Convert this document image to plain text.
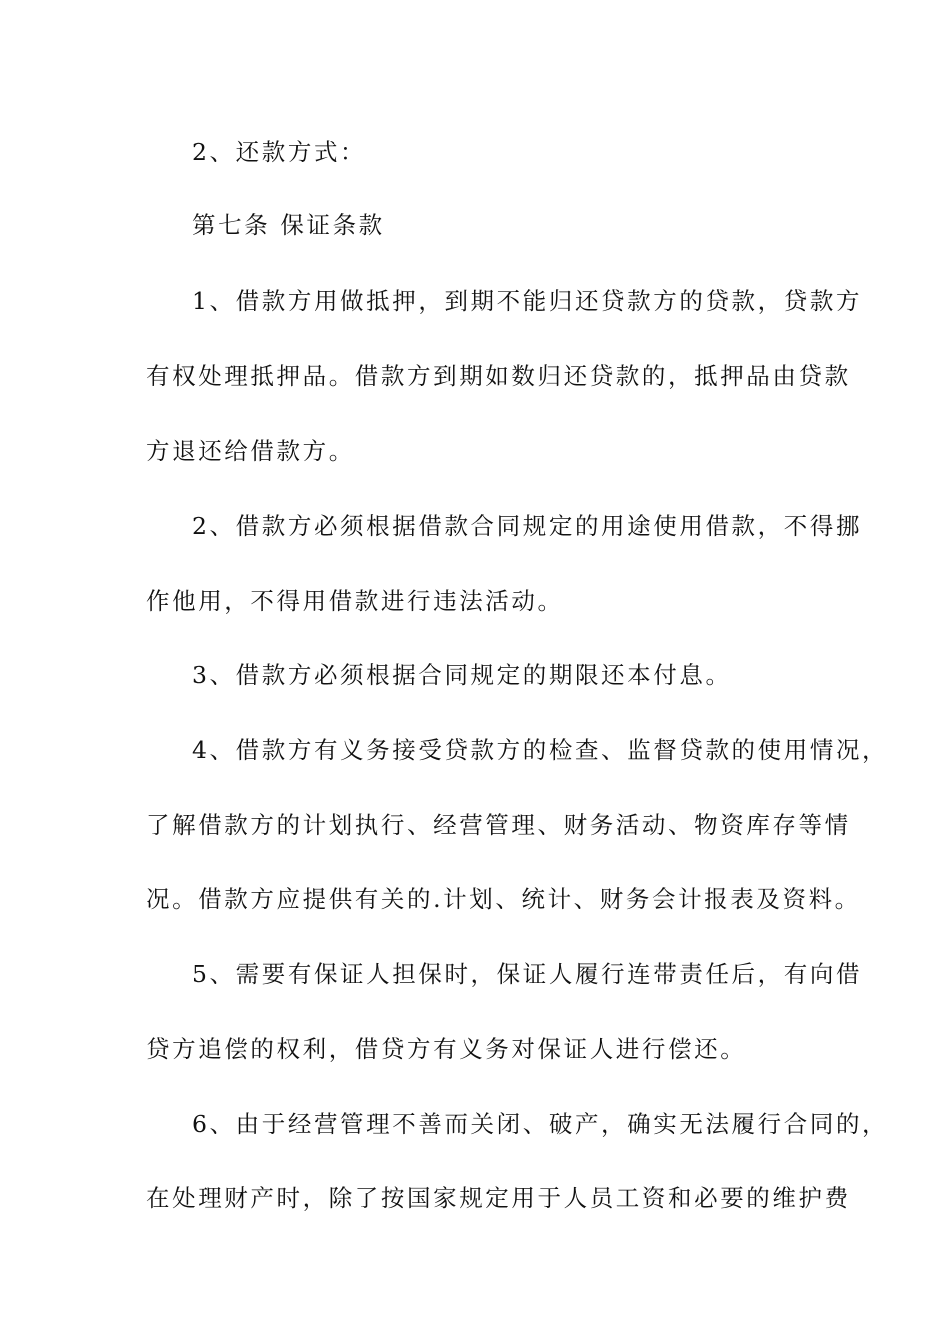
2、还款方式：
第七条 保证条款
1、借款方用做抵押，到期不能归还贷款方的贷款，贷款方
有权处理抵押品。借款方到期如数归还贷款的，抵押品由贷款
方退还给借款方。
2、借款方必须根据借款合同规定的用途使用借款，不得挪
作他用，不得用借款进行违法活动。
3、借款方必须根据合同规定的期限还本付息。
4、借款方有义务接受贷款方的检查、监督贷款的使用情况，
了解借款方的计划执行、经营管理、财务活动、物资库存等情
况。借款方应提供有关的.计划、统计、财务会计报表及资料。
5、需要有保证人担保时，保证人履行连带责任后，有向借
贷方追偿的权利，借贷方有义务对保证人进行偿还。
6、由于经营管理不善而关闭、破产，确实无法履行合同的，
在处理财产时，除了按国家规定用于人员工资和必要的维护费
